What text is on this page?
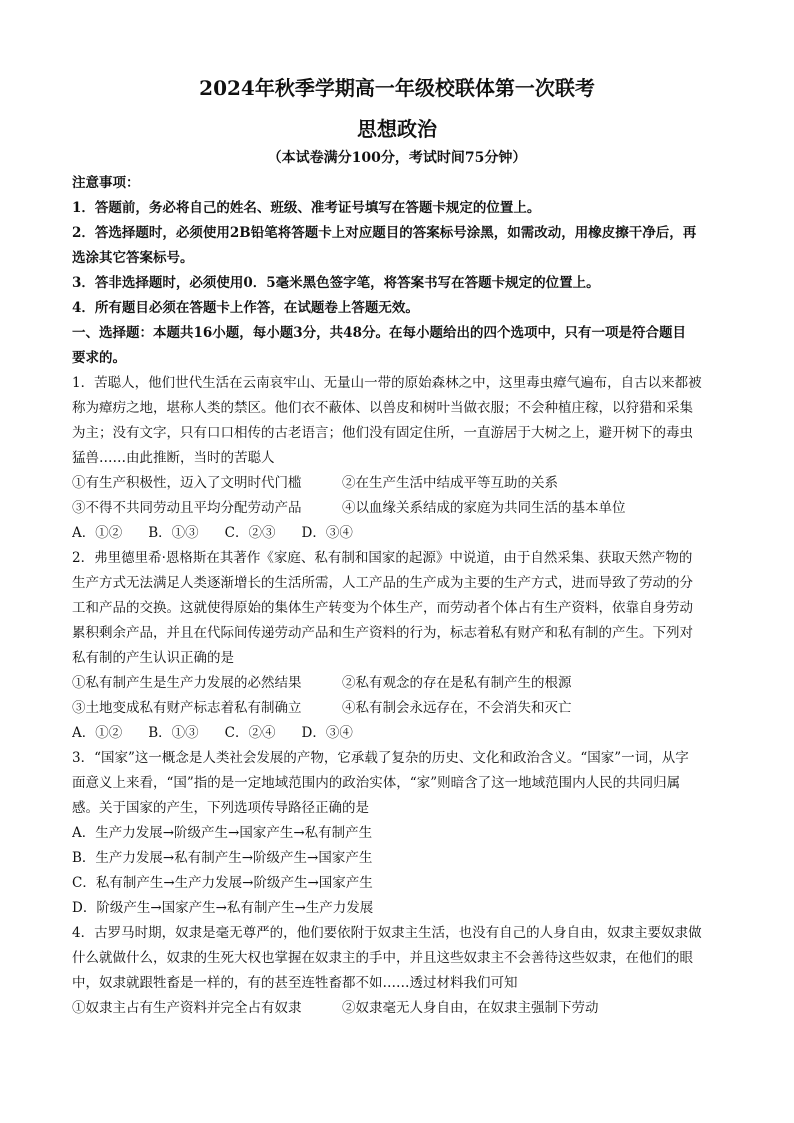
2024年秋季学期高一年级校联体第一次联考
思想政治
（本试卷满分100分，考试时间75分钟）
注意事项：
1．答题前，务必将自己的姓名、班级、准考证号填写在答题卡规定的位置上。
2．答选择题时，必须使用2B铅笔将答题卡上对应题目的答案标号涂黑，如需改动，用橡皮擦干净后，再
选涂其它答案标号。
3．答非选择题时，必须使用0．5毫米黑色签字笔，将答案书写在答题卡规定的位置上。
4．所有题目必须在答题卡上作答，在试题卷上答题无效。
一、选择题：本题共16小题，每小题3分，共48分。在每小题给出的四个选项中，只有一项是符合题目
要求的。
1．苦聪人，他们世代生活在云南哀牢山、无量山一带的原始森林之中，这里毒虫瘴气遍布，自古以来都被
称为瘴疠之地，堪称人类的禁区。他们衣不蔽体、以兽皮和树叶当做衣服；不会种植庄稼，以狩猎和采集
为主；没有文字，只有口口相传的古老语言；他们没有固定住所，一直游居于大树之上，避开树下的毒虫
猛兽……由此推断，当时的苦聪人
①有生产积极性，迈入了文明时代门槛	②在生产生活中结成平等互助的关系
③不得不共同劳动且平均分配劳动产品	④以血缘关系结成的家庭为共同生活的基本单位
A．①② B．①③ C．②③ D．③④
2．弗里德里希·恩格斯在其著作《家庭、私有制和国家的起源》中说道，由于自然采集、获取天然产物的
生产方式无法满足人类逐渐增长的生活所需，人工产品的生产成为主要的生产方式，进而导致了劳动的分
工和产品的交换。这就使得原始的集体生产转变为个体生产，而劳动者个体占有生产资料，依靠自身劳动
累积剩余产品，并且在代际间传递劳动产品和生产资料的行为，标志着私有财产和私有制的产生。下列对
私有制的产生认识正确的是
①私有制产生是生产力发展的必然结果	②私有观念的存在是私有制产生的根源
③土地变成私有财产标志着私有制确立	④私有制会永远存在，不会消失和灭亡
A．①② B．①③ C．②④ D．③④
3．“国家”这一概念是人类社会发展的产物，它承载了复杂的历史、文化和政治含义。“国家”一词，从字
面意义上来看，“国”指的是一定地域范围内的政治实体，“家”则暗含了这一地域范围内人民的共同归属
感。关于国家的产生，下列选项传导路径正确的是
A．生产力发展→阶级产生→国家产生→私有制产生
B．生产力发展→私有制产生→阶级产生→国家产生
C．私有制产生→生产力发展→阶级产生→国家产生
D．阶级产生→国家产生→私有制产生→生产力发展
4．古罗马时期，奴隶是毫无尊严的，他们要依附于奴隶主生活，也没有自己的人身自由，奴隶主要奴隶做
什么就做什么，奴隶的生死大权也掌握在奴隶主的手中，并且这些奴隶主不会善待这些奴隶，在他们的眼
中，奴隶就跟牲畜是一样的，有的甚至连牲畜都不如……透过材料我们可知
①奴隶主占有生产资料并完全占有奴隶	②奴隶毫无人身自由，在奴隶主强制下劳动
